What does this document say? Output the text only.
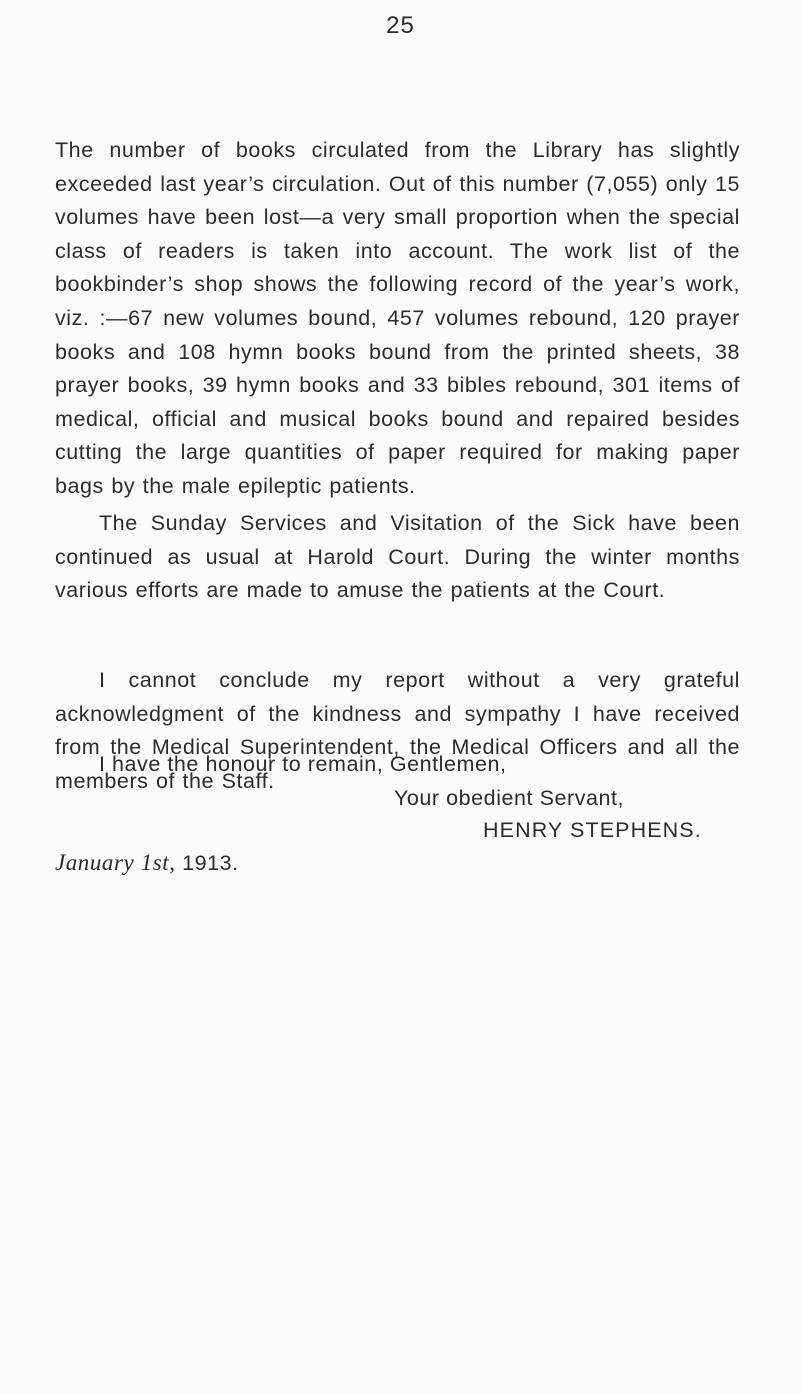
25

The number of books circulated from the Library has slightly exceeded last year’s circulation. Out of this number (7,055) only 15 volumes have been lost—a very small proportion when the special class of readers is taken into account. The work list of the bookbinder’s shop shows the following record of the year’s work, viz. :—67 new volumes bound, 457 volumes rebound, 120 prayer books and 108 hymn books bound from the printed sheets, 38 prayer books, 39 hymn books and 33 bibles rebound, 301 items of medical, official and musical books bound and repaired besides cutting the large quantities of paper required for making paper bags by the male epileptic patients.

The Sunday Services and Visitation of the Sick have been continued as usual at Harold Court. During the winter months various efforts are made to amuse the patients at the Court.

I cannot conclude my report without a very grateful acknowledgment of the kindness and sympathy I have received from the Medical Superintendent, the Medical Officers and all the members of the Staff.

I have the honour to remain, Gentlemen,

Your obedient Servant,

HENRY STEPHENS.

January 1st, 1913.
